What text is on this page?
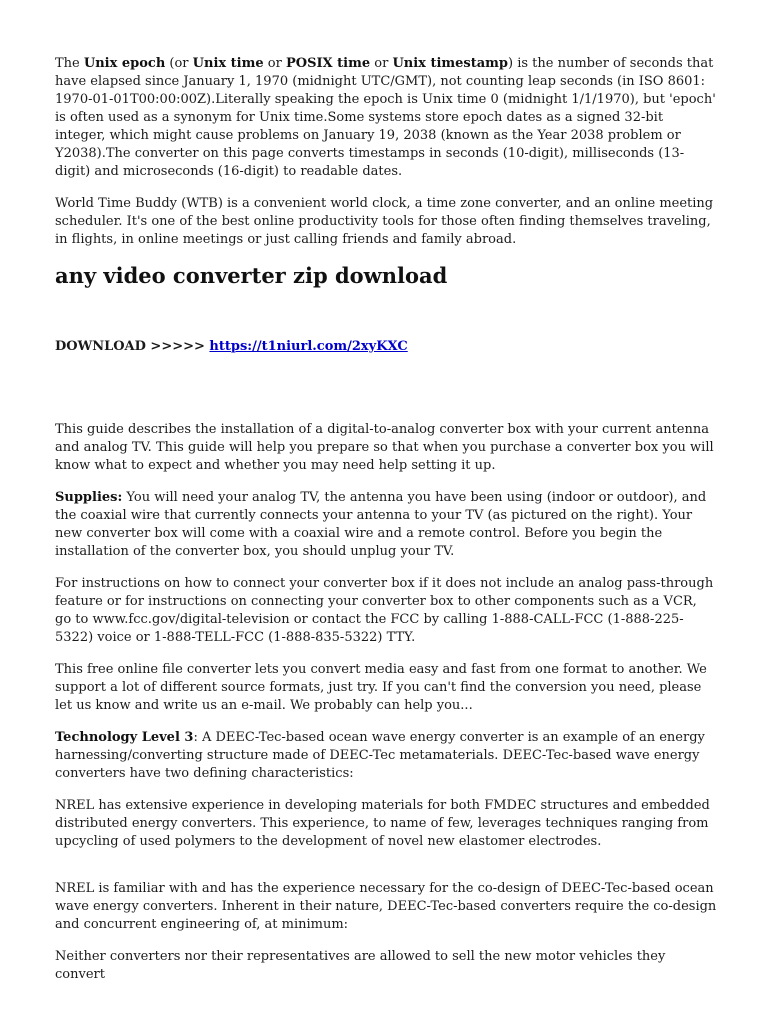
The Unix epoch (or Unix time or POSIX time or Unix timestamp) is the number of seconds that have elapsed since January 1, 1970 (midnight UTC/GMT), not counting leap seconds (in ISO 8601: 1970-01-01T00:00:00Z).Literally speaking the epoch is Unix time 0 (midnight 1/1/1970), but 'epoch' is often used as a synonym for Unix time.Some systems store epoch dates as a signed 32-bit integer, which might cause problems on January 19, 2038 (known as the Year 2038 problem or Y2038).The converter on this page converts timestamps in seconds (10-digit), milliseconds (13-digit) and microseconds (16-digit) to readable dates.

World Time Buddy (WTB) is a convenient world clock, a time zone converter, and an online meeting scheduler. It's one of the best online productivity tools for those often finding themselves traveling, in flights, in online meetings or just calling friends and family abroad.

any video converter zip download
DOWNLOAD >>>>> https://t1niurl.com/2xyKXC

This guide describes the installation of a digital-to-analog converter box with your current antenna and analog TV. This guide will help you prepare so that when you purchase a converter box you will know what to expect and whether you may need help setting it up.

Supplies: You will need your analog TV, the antenna you have been using (indoor or outdoor), and the coaxial wire that currently connects your antenna to your TV (as pictured on the right). Your new converter box will come with a coaxial wire and a remote control. Before you begin the installation of the converter box, you should unplug your TV.

For instructions on how to connect your converter box if it does not include an analog pass-through feature or for instructions on connecting your converter box to other components such as a VCR, go to www.fcc.gov/digital-television or contact the FCC by calling 1-888-CALL-FCC (1-888-225-5322) voice or 1-888-TELL-FCC (1-888-835-5322) TTY.

This free online file converter lets you convert media easy and fast from one format to another. We support a lot of different source formats, just try. If you can't find the conversion you need, please let us know and write us an e-mail. We probably can help you...

Technology Level 3: A DEEC-Tec-based ocean wave energy converter is an example of an energy harnessing/converting structure made of DEEC-Tec metamaterials. DEEC-Tec-based wave energy converters have two defining characteristics:

NREL has extensive experience in developing materials for both FMDEC structures and embedded distributed energy converters. This experience, to name of few, leverages techniques ranging from upcycling of used polymers to the development of novel new elastomer electrodes.

NREL is familiar with and has the experience necessary for the co-design of DEEC-Tec-based ocean wave energy converters. Inherent in their nature, DEEC-Tec-based converters require the co-design and concurrent engineering of, at minimum:

Neither converters nor their representatives are allowed to sell the new motor vehicles they convert
